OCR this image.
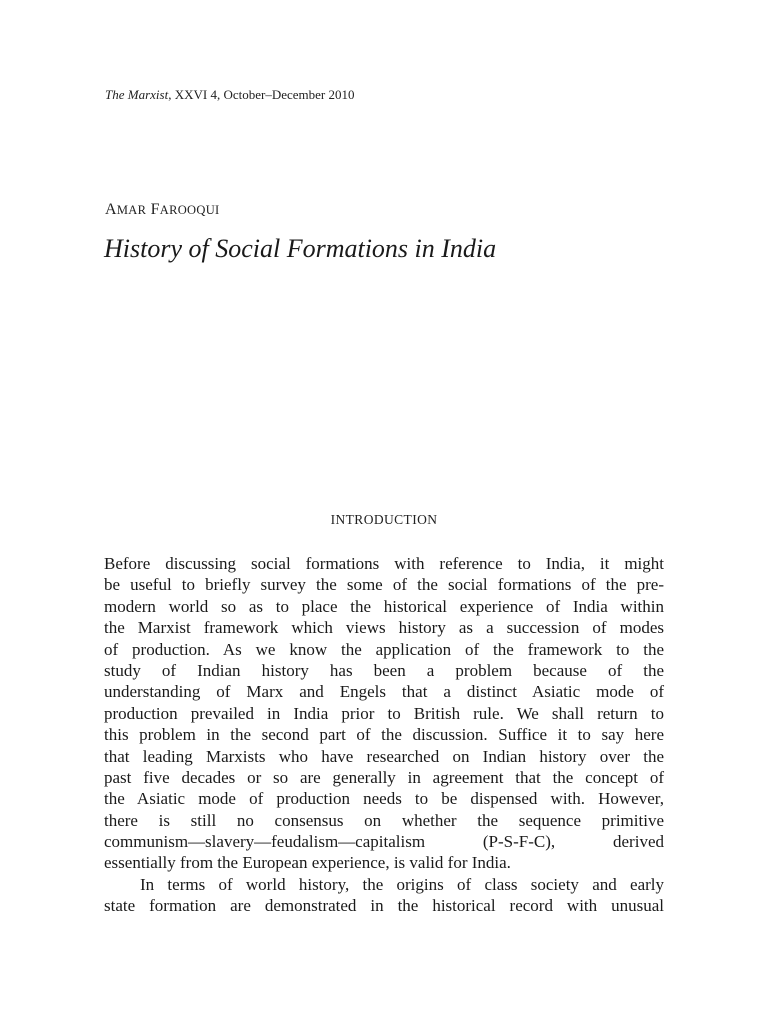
The Marxist, XXVI 4, October–December 2010
AMAR FAROOQUI
History of Social Formations in India
INTRODUCTION
Before discussing social formations with reference to India, it might
be useful to briefly survey the some of the social formations of the pre-
modern world so as to place the historical experience of India within
the Marxist framework which views history as a succession of modes
of production. As we know the application of the framework to the
study of Indian history has been a problem because of the
understanding of Marx and Engels that a distinct Asiatic mode of
production prevailed in India prior to British rule. We shall return to
this problem in the second part of the discussion. Suffice it to say here
that leading Marxists who have researched on Indian history over the
past five decades or so are generally in agreement that the concept of
the Asiatic mode of production needs to be dispensed with. However,
there is still no consensus on whether the sequence primitive
communism—slavery—feudalism—capitalism (P-S-F-C), derived
essentially from the European experience, is valid for India.
In terms of world history, the origins of class society and early
state formation are demonstrated in the historical record with unusual
